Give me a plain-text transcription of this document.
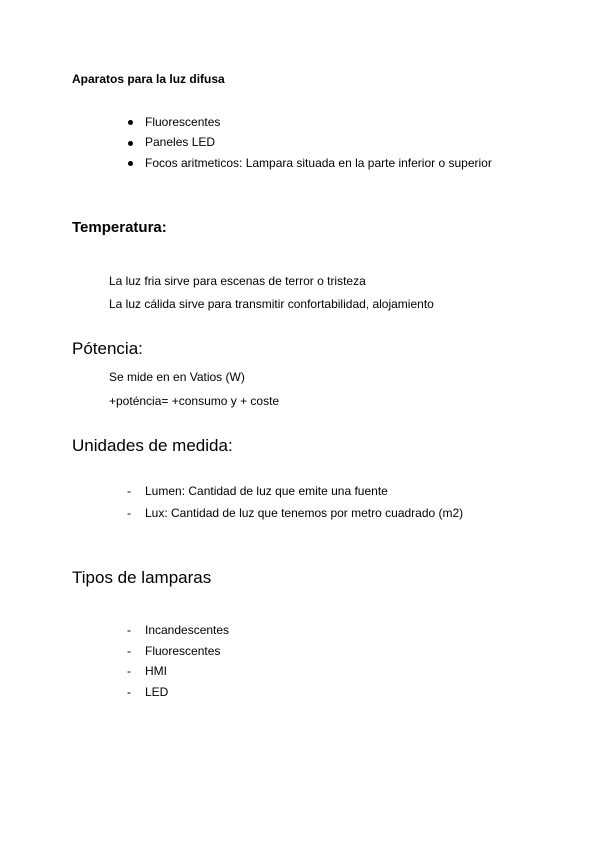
Aparatos para la luz difusa
Fluorescentes
Paneles LED
Focos aritmeticos: Lampara situada en la parte inferior o superior
Temperatura:
La luz fria sirve para escenas de terror o tristeza
La luz cálida sirve para transmitir confortabilidad, alojamiento
Pótencia:
Se mide en en Vatios (W)
+poténcia= +consumo y + coste
Unidades de medida:
- Lumen: Cantidad de luz que emite una fuente
- Lux: Cantidad de luz que tenemos por metro cuadrado (m2)
Tipos de lamparas
- Incandescentes
- Fluorescentes
- HMI
- LED
